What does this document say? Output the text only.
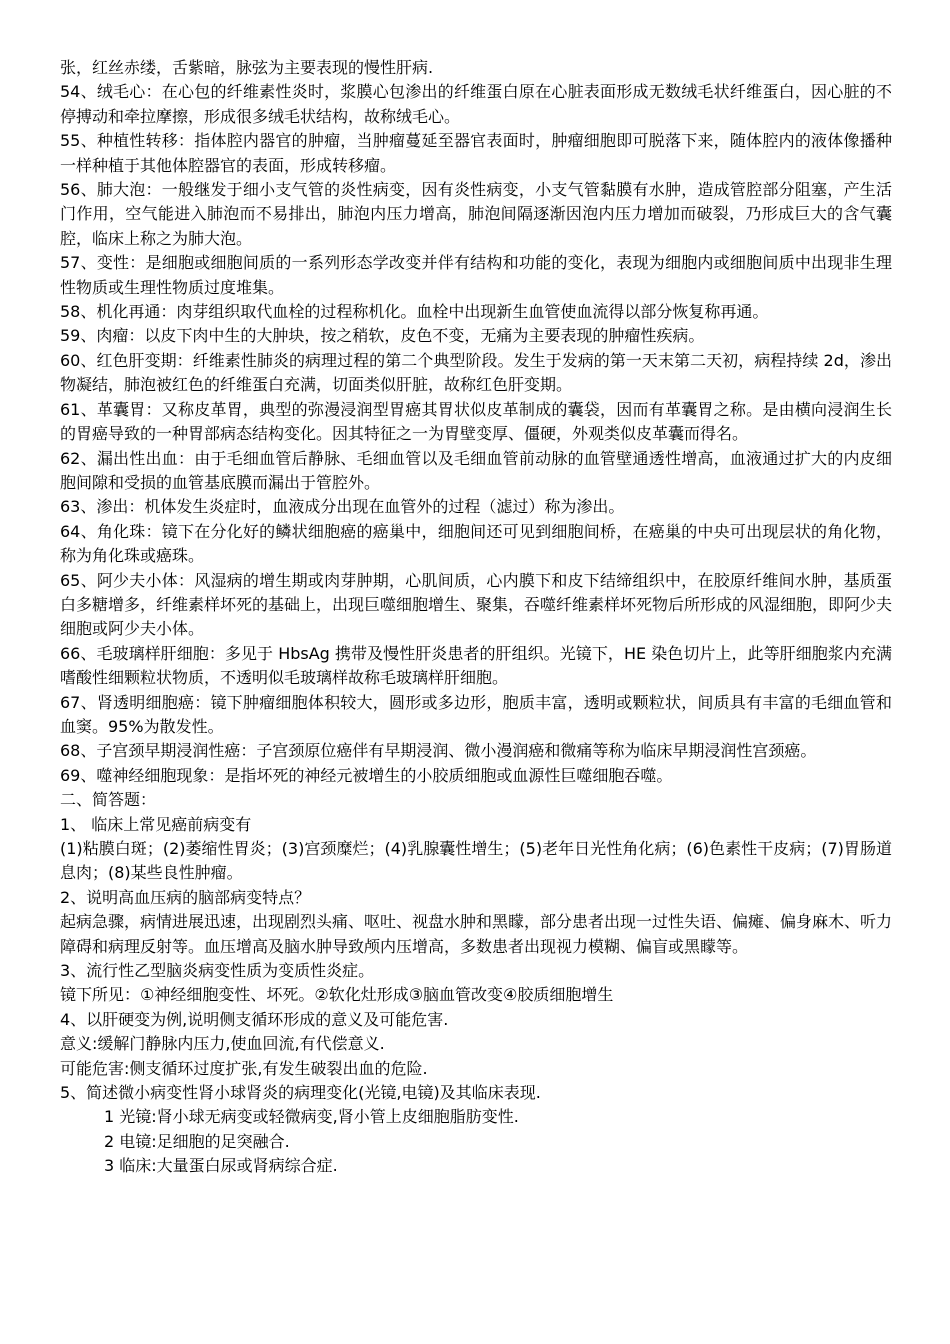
张，红丝赤缕，舌紫暗，脉弦为主要表现的慢性肝病.

54、绒毛心：在心包的纤维素性炎时，浆膜心包渗出的纤维蛋白原在心脏表面形成无数绒毛状纤维蛋白，因心脏的不停搏动和牵拉摩擦，形成很多绒毛状结构，故称绒毛心。

55、种植性转移：指体腔内器官的肿瘤，当肿瘤蔓延至器官表面时，肿瘤细胞即可脱落下来，随体腔内的液体像播种一样种植于其他体腔器官的表面，形成转移瘤。

56、肺大泡：一般继发于细小支气管的炎性病变，因有炎性病变，小支气管黏膜有水肿，造成管腔部分阻塞，产生活门作用，空气能进入肺泡而不易排出，肺泡内压力增高，肺泡间隔逐渐因泡内压力增加而破裂，乃形成巨大的含气囊腔，临床上称之为肺大泡。

57、变性：是细胞或细胞间质的一系列形态学改变并伴有结构和功能的变化，表现为细胞内或细胞间质中出现非生理性物质或生理性物质过度堆集。

58、机化再通：肉芽组织取代血栓的过程称机化。血栓中出现新生血管使血流得以部分恢复称再通。

59、肉瘤：以皮下肉中生的大肿块，按之稍软，皮色不变，无痛为主要表现的肿瘤性疾病。

60、红色肝变期：纤维素性肺炎的病理过程的第二个典型阶段。发生于发病的第一天末第二天初，病程持续 2d，渗出物凝结，肺泡被红色的纤维蛋白充满，切面类似肝脏，故称红色肝变期。

61、革囊胃：又称皮革胃，典型的弥漫浸润型胃癌其胃状似皮革制成的囊袋，因而有革囊胃之称。是由横向浸润生长的胃癌导致的一种胃部病态结构变化。因其特征之一为胃壁变厚、僵硬，外观类似皮革囊而得名。

62、漏出性出血：由于毛细血管后静脉、毛细血管以及毛细血管前动脉的血管壁通透性增高，血液通过扩大的内皮细胞间隙和受损的血管基底膜而漏出于管腔外。

63、渗出：机体发生炎症时，血液成分出现在血管外的过程（滤过）称为渗出。

64、角化珠：镜下在分化好的鳞状细胞癌的癌巢中，细胞间还可见到细胞间桥，在癌巢的中央可出现层状的角化物，称为角化珠或癌珠。

65、阿少夫小体：风湿病的增生期或肉芽肿期，心肌间质，心内膜下和皮下结缔组织中，在胶原纤维间水肿，基质蛋白多糖增多，纤维素样坏死的基础上，出现巨噬细胞增生、聚集，吞噬纤维素样坏死物后所形成的风湿细胞，即阿少夫细胞或阿少夫小体。

66、毛玻璃样肝细胞：多见于 HbsAg 携带及慢性肝炎患者的肝组织。光镜下，HE 染色切片上，此等肝细胞浆内充满嗜酸性细颗粒状物质，不透明似毛玻璃样故称毛玻璃样肝细胞。

67、肾透明细胞癌：镜下肿瘤细胞体积较大，圆形或多边形，胞质丰富，透明或颗粒状，间质具有丰富的毛细血管和血窦。95%为散发性。

68、子宫颈早期浸润性癌：子宫颈原位癌伴有早期浸润、微小漫润癌和微痛等称为临床早期浸润性宫颈癌。

69、噬神经细胞现象：是指坏死的神经元被增生的小胶质细胞或血源性巨噬细胞吞噬。

二、简答题：

1、 临床上常见癌前病变有

(1)粘膜白斑；(2)萎缩性胃炎；(3)宫颈糜烂；(4)乳腺囊性增生；(5)老年日光性角化病；(6)色素性干皮病；(7)胃肠道息肉；(8)某些良性肿瘤。

2、说明高血压病的脑部病变特点？

起病急骤，病情进展迅速，出现剧烈头痛、呕吐、视盘水肿和黑矇，部分患者出现一过性失语、偏瘫、偏身麻木、听力障碍和病理反射等。血压增高及脑水肿导致颅内压增高，多数患者出现视力模糊、偏盲或黑矇等。

3、流行性乙型脑炎病变性质为变质性炎症。

镜下所见：①神经细胞变性、坏死。②软化灶形成③脑血管改变④胶质细胞增生

4、以肝硬变为例,说明侧支循环形成的意义及可能危害.

意义:缓解门静脉内压力,使血回流,有代偿意义.

可能危害:侧支循环过度扩张,有发生破裂出血的危险.

5、简述微小病变性肾小球肾炎的病理变化(光镜,电镜)及其临床表现.

1 光镜:肾小球无病变或轻微病变,肾小管上皮细胞脂肪变性.

2 电镜:足细胞的足突融合.

3 临床:大量蛋白尿或肾病综合症.
